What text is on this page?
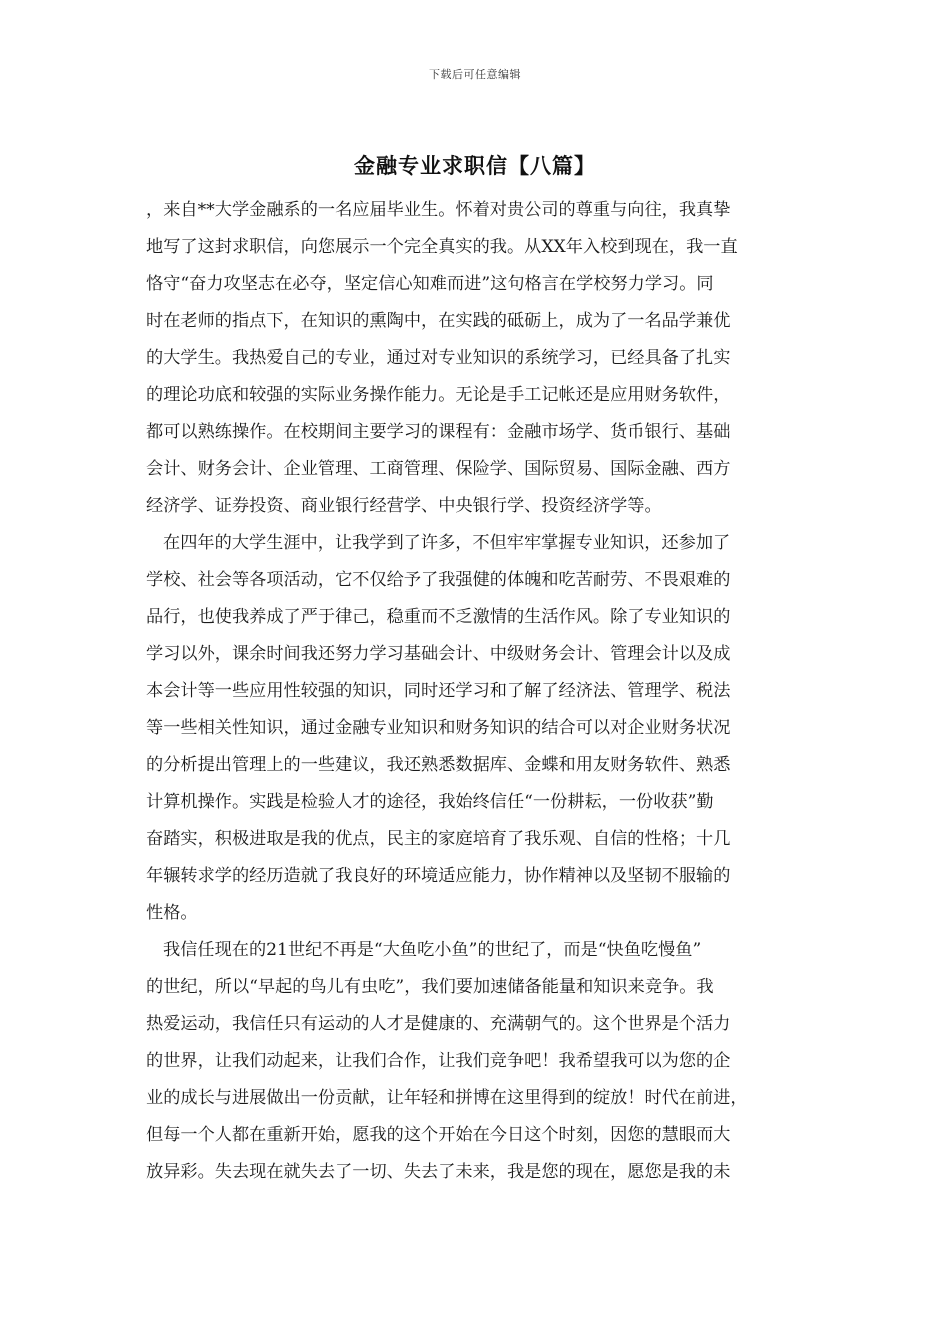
下载后可任意编辑
金融专业求职信【八篇】
，来自**大学金融系的一名应届毕业生。怀着对贵公司的尊重与向往，我真挚
地写了这封求职信，向您展示一个完全真实的我。从XX年入校到现在，我一直
恪守“奋力攻坚志在必夺，坚定信心知难而进”这句格言在学校努力学习。同
时在老师的指点下，在知识的熏陶中，在实践的砥砺上，成为了一名品学兼优
的大学生。我热爱自己的专业，通过对专业知识的系统学习，已经具备了扎实
的理论功底和较强的实际业务操作能力。无论是手工记帐还是应用财务软件，
都可以熟练操作。在校期间主要学习的课程有：金融市场学、货币银行、基础
会计、财务会计、企业管理、工商管理、保险学、国际贸易、国际金融、西方
经济学、证券投资、商业银行经营学、中央银行学、投资经济学等。
在四年的大学生涯中，让我学到了许多，不但牢牢掌握专业知识，还参加了
学校、社会等各项活动，它不仅给予了我强健的体魄和吃苦耐劳、不畏艰难的
品行，也使我养成了严于律己，稳重而不乏激情的生活作风。除了专业知识的
学习以外，课余时间我还努力学习基础会计、中级财务会计、管理会计以及成
本会计等一些应用性较强的知识，同时还学习和了解了经济法、管理学、税法
等一些相关性知识，通过金融专业知识和财务知识的结合可以对企业财务状况
的分析提出管理上的一些建议，我还熟悉数据库、金蝶和用友财务软件、熟悉
计算机操作。实践是检验人才的途径，我始终信任“一份耕耘，一份收获”勤
奋踏实，积极进取是我的优点，民主的家庭培育了我乐观、自信的性格；十几
年辗转求学的经历造就了我良好的环境适应能力，协作精神以及坚韧不服输的
性格。
我信任现在的21世纪不再是“大鱼吃小鱼”的世纪了，而是“快鱼吃慢鱼”
的世纪，所以“早起的鸟儿有虫吃”，我们要加速储备能量和知识来竞争。我
热爱运动，我信任只有运动的人才是健康的、充满朝气的。这个世界是个活力
的世界，让我们动起来，让我们合作，让我们竞争吧！我希望我可以为您的企
业的成长与进展做出一份贡献，让年轻和拼博在这里得到的绽放！时代在前进，
但每一个人都在重新开始，愿我的这个开始在今日这个时刻，因您的慧眼而大
放异彩。失去现在就失去了一切、失去了未来，我是您的现在，愿您是我的未
